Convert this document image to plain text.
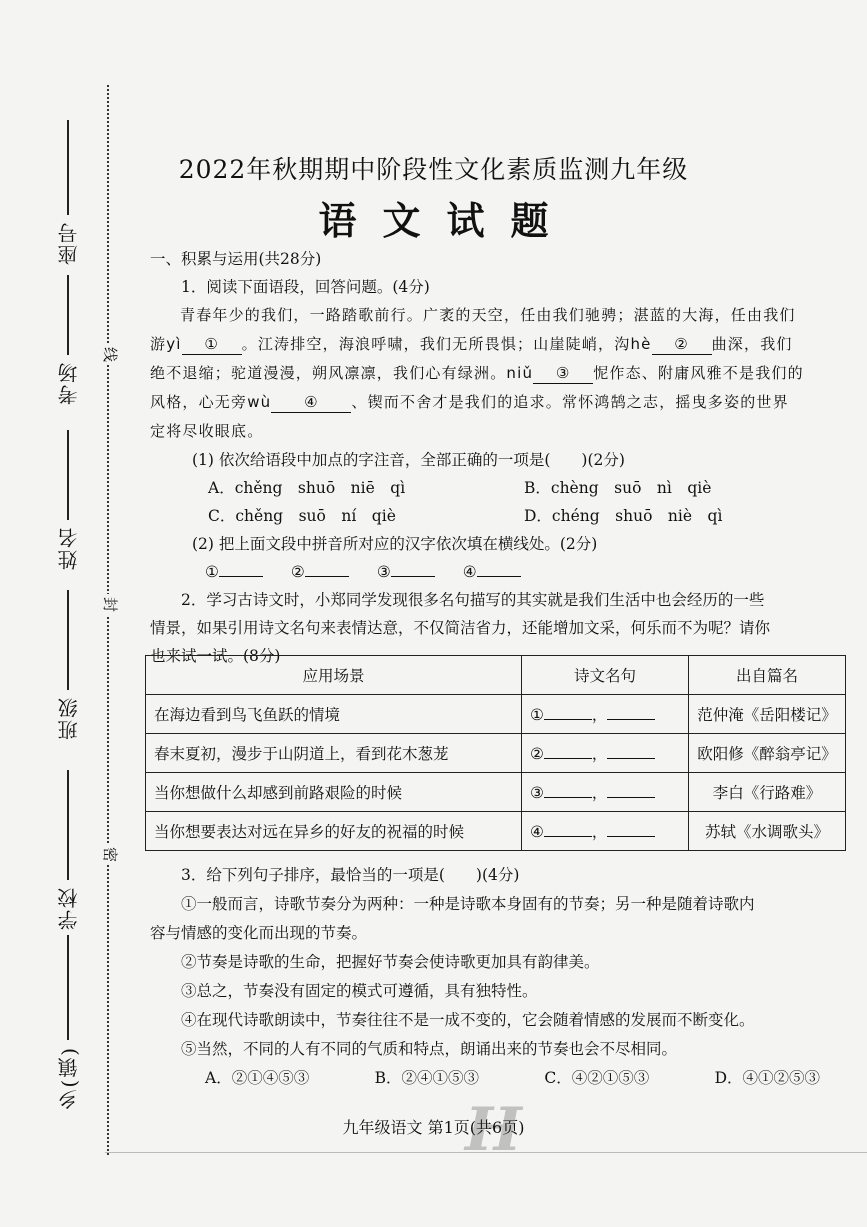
座号
考场
姓名
班级
学校
乡(镇)
线
封
密
2022年秋期期中阶段性文化素质监测九年级
语文试题

一、积累与运用(共28分)

1．阅读下面语段，回答问题。(4分)

青春年少的我们，一路踏歌前行。广袤的天空，任由我们驰骋；湛蓝的大海，任由我们
游yì ① 。江涛排空，海浪呼啸，我们无所畏惧；山崖陡峭，沟hè ② 曲深，我们
绝不退缩；驼道漫漫，朔风凛凛，我们心有绿洲。niǔ ③ 怩作态、附庸风雅不是我们的
风格，心无旁wù ④ 、锲而不舍才是我们的追求。常怀鸿鹄之志，摇曳多姿的世界
定将尽收眼底。
(1) 依次给语段中加点的字注音，全部正确的一项是(　　)(2分)
A．chěng　shuō　niē　qì	B．chèng　suō　nì　qiè
C．chěng　suō　ní　qiè	D．chéng　shuō　niè　qì
(2) 把上面文段中拼音所对应的汉字依次填在横线处。(2分)
①	②	③	④
2．学习古诗文时，小郑同学发现很多名句描写的其实就是我们生活中也会经历的一些
情景，如果引用诗文名句来表情达意，不仅简洁省力，还能增加文采，何乐而不为呢？请你
也来试一试。(8分)
应用场景	诗文名句	出自篇名
在海边看到鸟飞鱼跃的情境	① ，	范仲淹《岳阳楼记》
春末夏初，漫步于山阴道上，看到花木葱茏	② ，	欧阳修《醉翁亭记》
当你想做什么却感到前路艰险的时候	③ ，	李白《行路难》
当你想要表达对远在异乡的好友的祝福的时候	④ ，	苏轼《水调歌头》
3．给下列句子排序，最恰当的一项是(　　)(4分)
①一般而言，诗歌节奏分为两种：一种是诗歌本身固有的节奏；另一种是随着诗歌内
容与情感的变化而出现的节奏。
②节奏是诗歌的生命，把握好节奏会使诗歌更加具有韵律美。
③总之，节奏没有固定的模式可遵循，具有独特性。
④在现代诗歌朗读中，节奏往往不是一成不变的，它会随着情感的发展而不断变化。
⑤当然，不同的人有不同的气质和特点，朗诵出来的节奏也会不尽相同。
A．②①④⑤③	B．②④①⑤③	C．④②①⑤③	D．④①②⑤③
H
九年级语文 第1页(共6页)
